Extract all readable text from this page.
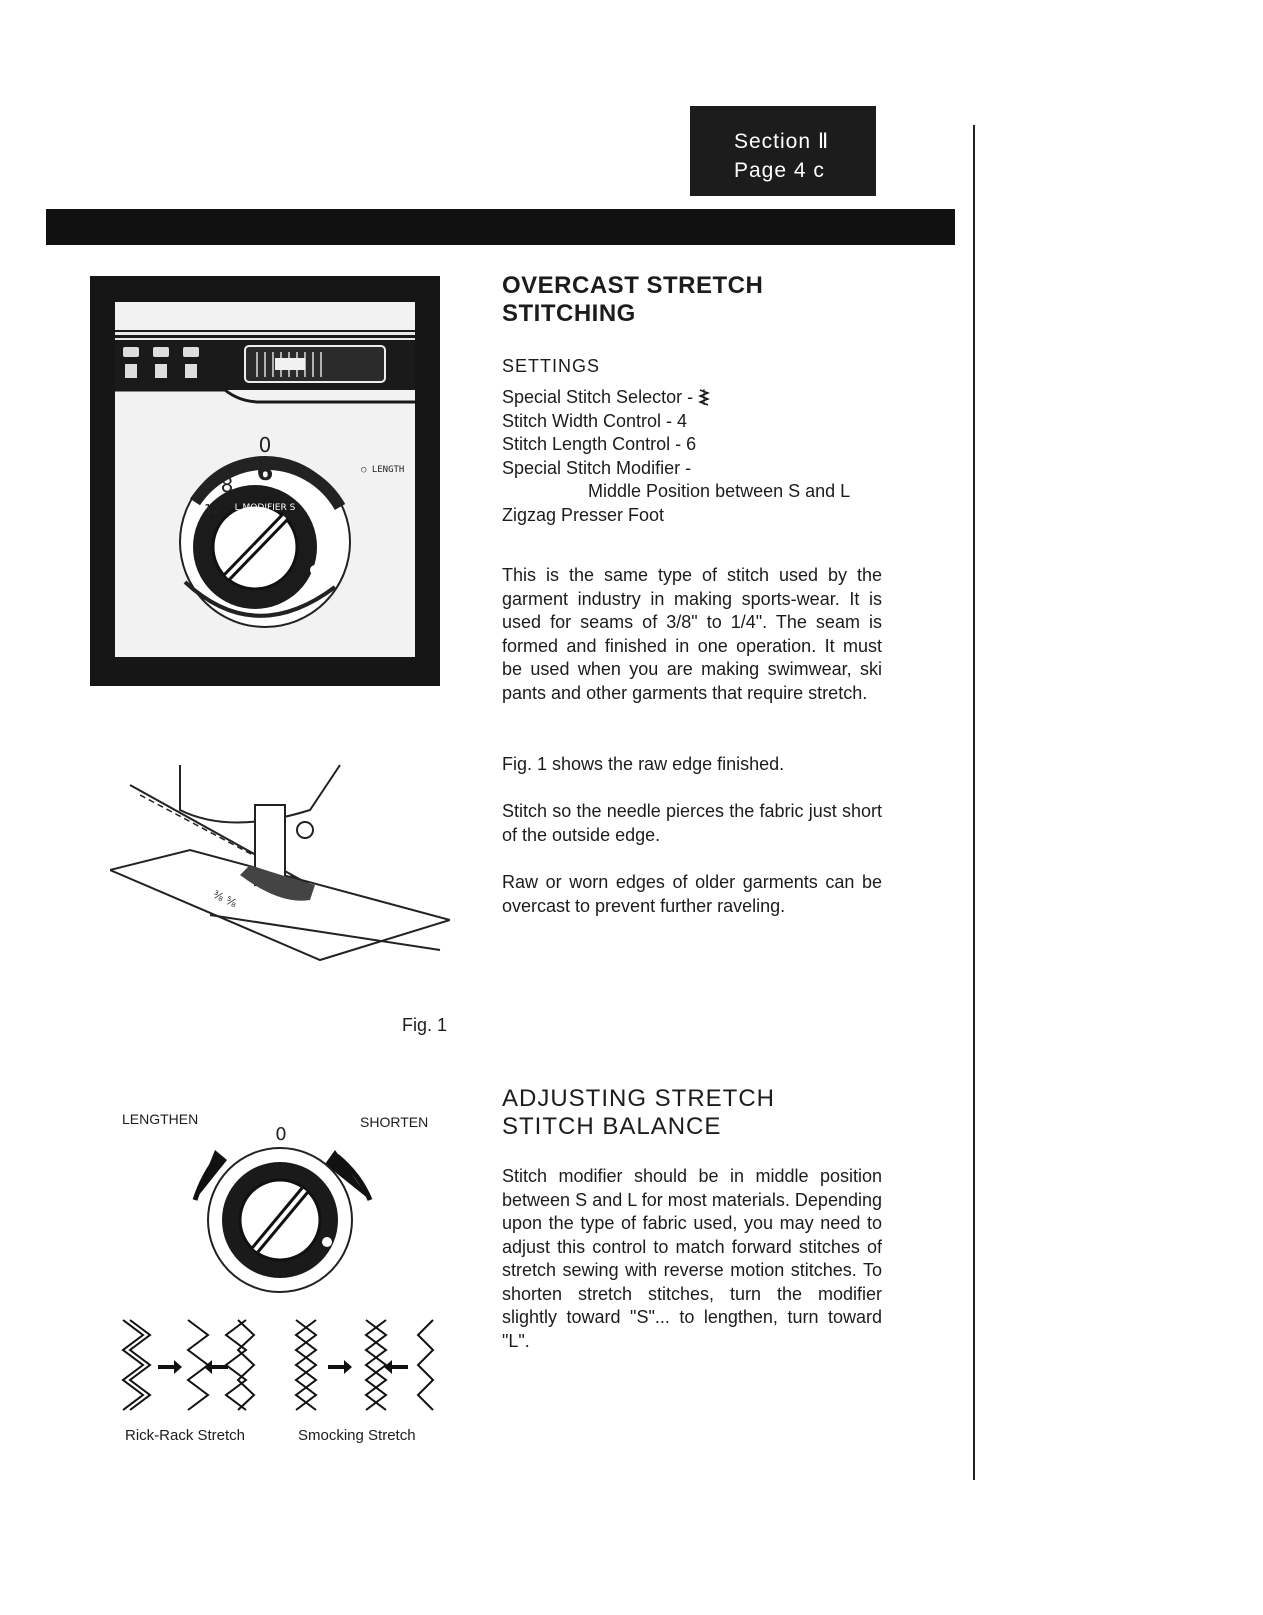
Section Ⅱ
Page 4 c
0
6
8
12 L MODIFIER S
○ LENGTH
⅜ ⅝
Fig. 1
LENGTHEN	SHORTEN
0
Rick-Rack Stretch	Smocking Stretch
OVERCAST STRETCH
STITCHING
SETTINGS
Special Stitch Selector -
Stitch Width Control - 4
Stitch Length Control - 6
Special Stitch Modifier -
Middle Position between S and L
Zigzag Presser Foot
This is the same type of stitch used by the garment industry in making sports-wear. It is used for seams of 3/8" to 1/4". The seam is formed and finished in one operation. It must be used when you are making swimwear, ski pants and other garments that require stretch.
Fig. 1 shows the raw edge finished.
Stitch so the needle pierces the fabric just short of the outside edge.
Raw or worn edges of older garments can be overcast to prevent further raveling.
ADJUSTING STRETCH
STITCH BALANCE
Stitch modifier should be in middle position between S and L for most materials. Depending upon the type of fabric used, you may need to adjust this control to match forward stitches of stretch sewing with reverse motion stitches. To shorten stretch stitches, turn the modifier slightly toward "S"... to lengthen, turn toward "L".
